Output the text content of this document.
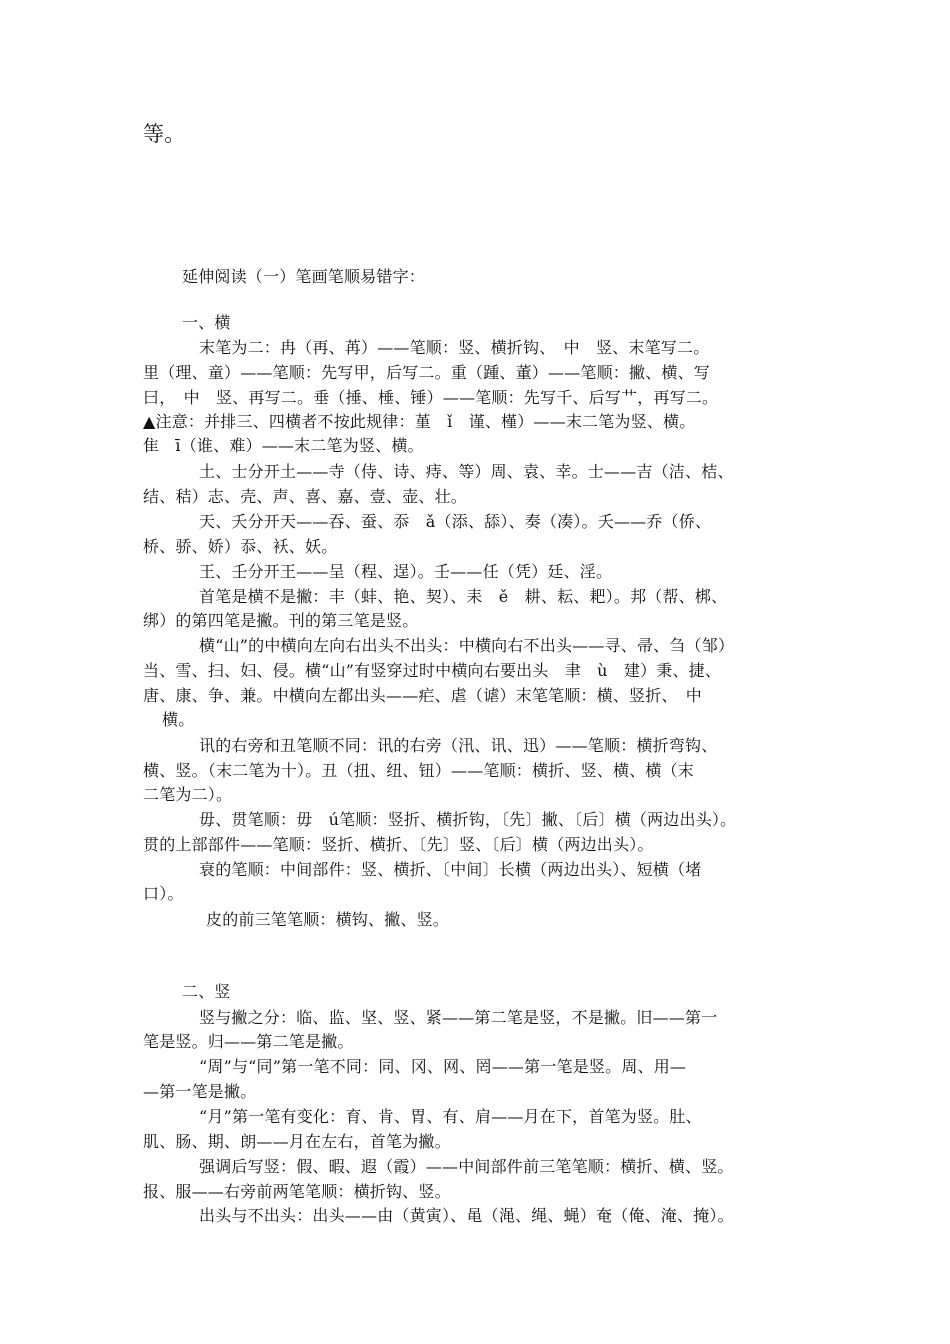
等。

延伸阅读（一）笔画笔顺易错字：

一、横

末笔为二：冉（再、苒）——笔顺：竖、横折钩、　中　竖、末笔写二。

里（理、童）——笔顺：先写甲，后写二。重（踵、董）——笔顺：撇、横、写

曰，　中　竖、再写二。垂（捶、棰、锤）——笔顺：先写千、后写艹，再写二。

▲注意：并排三、四横者不按此规律：堇　ǐ　谨、槿）——末二笔为竖、横。

隹　ī（谁、难）——末二笔为竖、横。

土、士分开土——寺（侍、诗、痔、等）周、袁、幸。士——吉（洁、桔、

结、秸）志、壳、声、喜、嘉、壹、壶、壮。

天、夭分开天——吞、蚕、忝　ǎ（添、舔）、奏（凑）。夭——乔（侨、

桥、骄、娇）忝、袄、妖。

王、壬分开王——呈（程、逞）。壬——任（凭）廷、淫。

首笔是横不是撇：丰（蚌、艳、契）、耒　ě　耕、耘、耙）。邦（帮、梆、

绑）的第四笔是撇。刊的第三笔是竖。

横“山”的中横向左向右出头不出头：中横向右不出头——寻、帚、刍（邹）

当、雪、扫、妇、侵。横“山”有竖穿过时中横向右要出头　聿　ù　建）秉、捷、

唐、康、争、兼。中横向左都出头——疟、虐（谑）末笔笔顺：横、竖折、　中

横。

讯的右旁和丑笔顺不同：讯的右旁（汛、讯、迅）——笔顺：横折弯钩、

横、竖。（末二笔为十）。丑（扭、纽、钮）——笔顺：横折、竖、横、横（末

二笔为二）。

毋、贯笔顺：毋　ú笔顺：竖折、横折钩，〔先〕撇、〔后〕横（两边出头）。

贯的上部部件——笔顺：竖折、横折、〔先〕竖、〔后〕横（两边出头）。

衰的笔顺：中间部件：竖、横折、〔中间〕长横（两边出头）、短横（堵

口）。

皮的前三笔笔顺：横钩、撇、竖。

二、竖

竖与撇之分：临、监、坚、竖、紧——第二笔是竖，不是撇。旧——第一

笔是竖。归——第二笔是撇。

“周”与“同”第一笔不同：同、冈、网、罔——第一笔是竖。周、用—

—第一笔是撇。

“月”第一笔有变化：育、肯、胃、有、肩——月在下，首笔为竖。肚、

肌、肠、期、朗——月在左右，首笔为撇。

强调后写竖：假、暇、遐（霞）——中间部件前三笔笔顺：横折、横、竖。

报、服——右旁前两笔笔顺：横折钩、竖。

出头与不出头：出头——由（黄寅）、黾（渑、绳、蝇）奄（俺、淹、掩）。
